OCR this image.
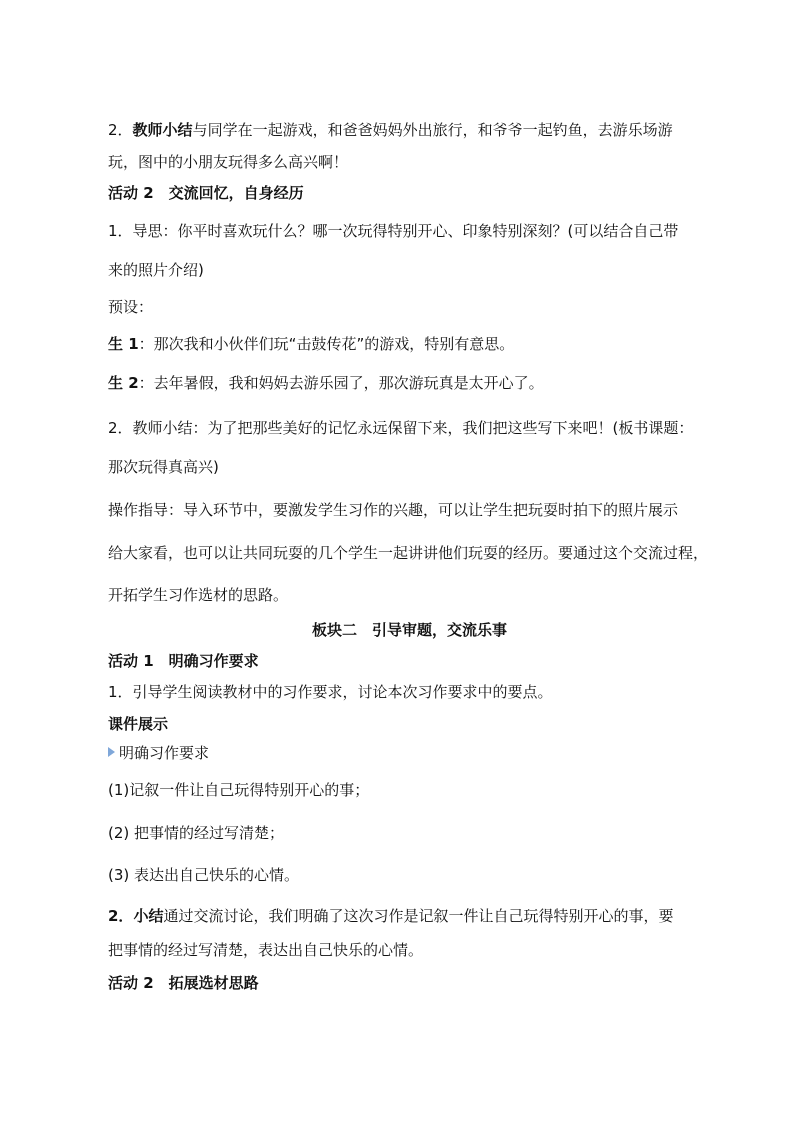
2．教师小结与同学在一起游戏，和爸爸妈妈外出旅行，和爷爷一起钓鱼，去游乐场游
玩，图中的小朋友玩得多么高兴啊！
活动 2　交流回忆，自身经历
1．导思：你平时喜欢玩什么？哪一次玩得特别开心、印象特别深刻？(可以结合自己带
来的照片介绍)
预设：
生 1：那次我和小伙伴们玩“击鼓传花”的游戏，特别有意思。
生 2：去年暑假，我和妈妈去游乐园了，那次游玩真是太开心了。
2．教师小结：为了把那些美好的记忆永远保留下来，我们把这些写下来吧！(板书课题：
那次玩得真高兴)
操作指导：导入环节中，要激发学生习作的兴趣，可以让学生把玩耍时拍下的照片展示
给大家看，也可以让共同玩耍的几个学生一起讲讲他们玩耍的经历。要通过这个交流过程，
开拓学生习作选材的思路。
板块二　引导审题，交流乐事
活动 1　明确习作要求
1．引导学生阅读教材中的习作要求，讨论本次习作要求中的要点。
课件展示
明确习作要求
(1)记叙一件让自己玩得特别开心的事；
(2) 把事情的经过写清楚；
(3) 表达出自己快乐的心情。
2．小结通过交流讨论，我们明确了这次习作是记叙一件让自己玩得特别开心的事，要
把事情的经过写清楚，表达出自己快乐的心情。
活动 2　拓展选材思路
